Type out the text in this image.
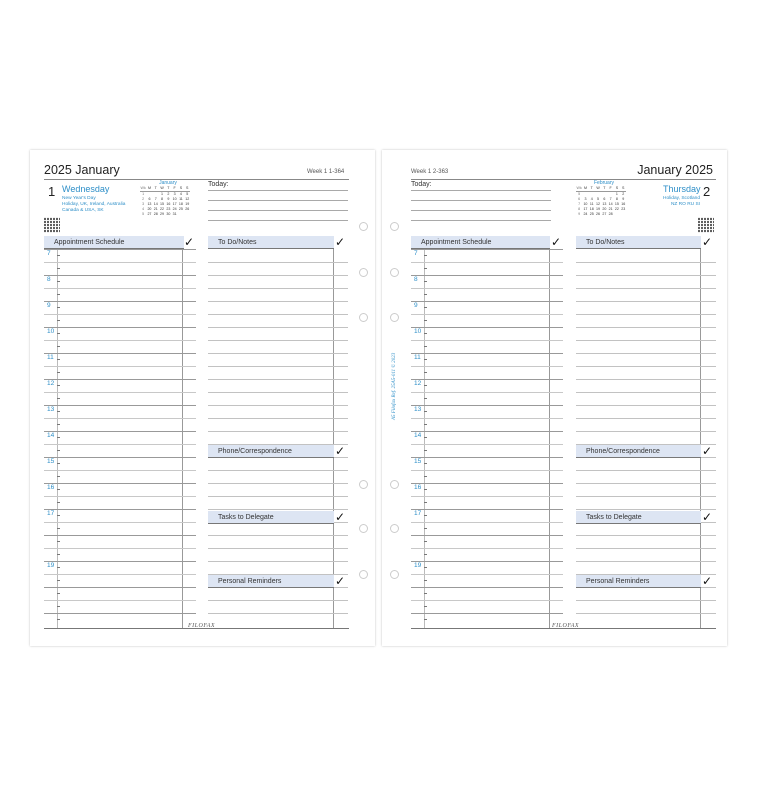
2025 January	Week 1 1-364
1 Wednesday
New Year's Day
Holiday, UK, Ireland, Australia
Canada & USA, SK
January
Wk	M	T	W	T	F	S	S
1			1	2	3	4	5
2	6	7	8	9	10	11	12
3	13	14	15	16	17	18	19
4	20	21	22	23	24	25	26
5	27	28	29	30	31		
Today:
Appointment Schedule	✓
7
8
9
10
11
12
13
14
15
16
17
19
To Do/Notes	✓
Phone/Correspondence	✓
Tasks to Delegate	✓
Personal Reminders	✓
FILOFAX
January 2025
Week 1 2-363
Today:	February
Wk	M	T	W	T	F	S	S
5						1	2
6	3	4	5	6	7	8	9
7	10	11	12	13	14	15	16
8	17	18	19	20	21	22	23
9	24	25	26	27	28		
Thursday 2
Holiday, Scotland
NZ RO RU SI
Appointment Schedule	✓
7
8
9
10
11
12
13
14
15
16
17
19
To Do/Notes	✓
Phone/Correspondence	✓
Tasks to Delegate	✓
Personal Reminders	✓
FILOFAX
A5 Filofax Ref. 25A5-011 © 2023
